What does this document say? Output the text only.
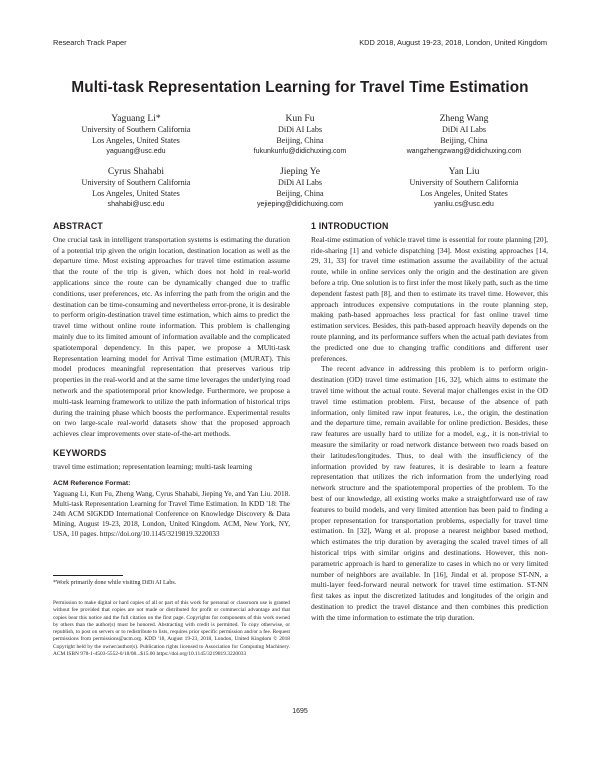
Research Track Paper	KDD 2018, August 19-23, 2018, London, United Kingdom
Multi-task Representation Learning for Travel Time Estimation
Yaguang Li*
University of Southern California
Los Angeles, United States
yaguang@usc.edu
Kun Fu
DiDi AI Labs
Beijing, China
fukunkunfu@didichuxing.com
Zheng Wang
DiDi AI Labs
Beijing, China
wangzhengzwang@didichuxing.com
Cyrus Shahabi
University of Southern California
Los Angeles, United States
shahabi@usc.edu
Jieping Ye
DiDi AI Labs
Beijing, China
yejieping@didichuxing.com
Yan Liu
University of Southern California
Los Angeles, United States
yanliu.cs@usc.edu
ABSTRACT

One crucial task in intelligent transportation systems is estimating the duration of a potential trip given the origin location, destination location as well as the departure time. Most existing approaches for travel time estimation assume that the route of the trip is given, which does not hold in real-world applications since the route can be dynamically changed due to traffic conditions, user preferences, etc. As inferring the path from the origin and the destination can be time-consuming and nevertheless error-prone, it is desirable to perform origin-destination travel time estimation, which aims to predict the travel time without online route information. This problem is challenging mainly due to its limited amount of information available and the complicated spatiotemporal dependency. In this paper, we propose a MUlti-task Representation learning model for Arrival Time estimation (MURAT). This model produces meaningful representation that preserves various trip properties in the real-world and at the same time leverages the underlying road network and the spatiotemporal prior knowledge. Furthermore, we propose a multi-task learning framework to utilize the path information of historical trips during the training phase which boosts the performance. Experimental results on two large-scale real-world datasets show that the proposed approach achieves clear improvements over state-of-the-art methods.

KEYWORDS

travel time estimation; representation learning; multi-task learning

ACM Reference Format:

Yaguang Li, Kun Fu, Zheng Wang, Cyrus Shahabi, Jieping Ye, and Yan Liu. 2018. Multi-task Representation Learning for Travel Time Estimation. In KDD '18: The 24th ACM SIGKDD International Conference on Knowledge Discovery & Data Mining, August 19-23, 2018, London, United Kingdom. ACM, New York, NY, USA, 10 pages. https://doi.org/10.1145/3219819.3220033

*Work primarily done while visiting DiDi AI Labs.
Permission to make digital or hard copies of all or part of this work for personal or classroom use is granted without fee provided that copies are not made or distributed for profit or commercial advantage and that copies bear this notice and the full citation on the first page. Copyrights for components of this work owned by others than the author(s) must be honored. Abstracting with credit is permitted. To copy otherwise, or republish, to post on servers or to redistribute to lists, requires prior specific permission and/or a fee. Request permissions from permissions@acm.org. KDD '18, August 19-23, 2018, London, United Kingdom © 2018 Copyright held by the owner/author(s). Publication rights licensed to Association for Computing Machinery. ACM ISBN 978-1-4503-5552-0/18/08...$15.00 https://doi.org/10.1145/3219819.3220033
1 INTRODUCTION

Real-time estimation of vehicle travel time is essential for route planning [20], ride-sharing [1] and vehicle dispatching [34]. Most existing approaches [14, 29, 31, 33] for travel time estimation assume the availability of the actual route, while in online services only the origin and the destination are given before a trip. One solution is to first infer the most likely path, such as the time dependent fastest path [8], and then to estimate its travel time. However, this approach introduces expensive computations in the route planning step, making path-based approaches less practical for fast online travel time estimation services. Besides, this path-based approach heavily depends on the route planning, and its performance suffers when the actual path deviates from the predicted one due to changing traffic conditions and different user preferences.

The recent advance in addressing this problem is to perform origin-destination (OD) travel time estimation [16, 32], which aims to estimate the travel time without the actual route. Several major challenges exist in the OD travel time estimation problem. First, because of the absence of path information, only limited raw input features, i.e., the origin, the destination and the departure time, remain available for online prediction. Besides, these raw features are usually hard to utilize for a model, e.g., it is non-trivial to measure the similarity or road network distance between two roads based on their latitudes/longitudes. Thus, to deal with the insufficiency of the information provided by raw features, it is desirable to learn a feature representation that utilizes the rich information from the underlying road network structure and the spatiotemporal properties of the problem. To the best of our knowledge, all existing works make a straightforward use of raw features to build models, and very limited attention has been paid to finding a proper representation for transportation problems, especially for travel time estimation. In [32], Wang et al. propose a nearest neighbor based method, which estimates the trip duration by averaging the scaled travel times of all historical trips with similar origins and destinations. However, this non-parametric approach is hard to generalize to cases in which no or very limited number of neighbors are available. In [16], Jindal et al. propose ST-NN, a multi-layer feed-forward neural network for travel time estimation. ST-NN first takes as input the discretized latitudes and longitudes of the origin and destination to predict the travel distance and then combines this prediction with the time information to estimate the trip duration.

1695
